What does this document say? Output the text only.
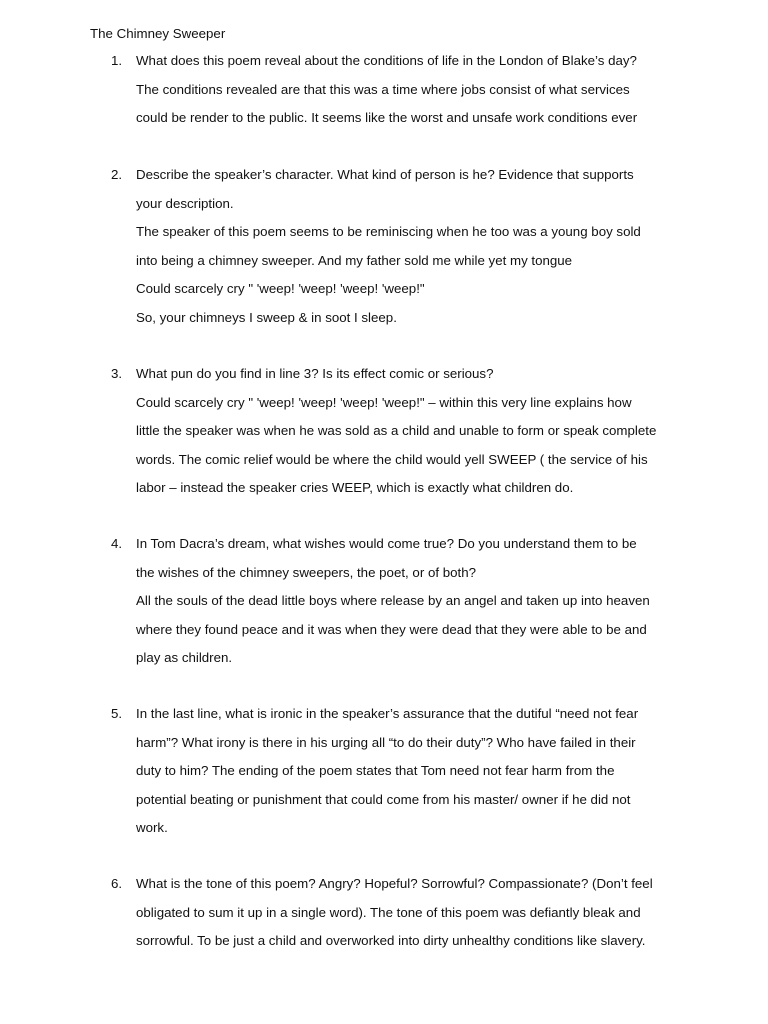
The Chimney Sweeper
1. What does this poem reveal about the conditions of life in the London of Blake’s day?
The conditions revealed are that this was a time where jobs consist of what services
could be render to the public. It seems like the worst and unsafe work conditions ever
2. Describe the speaker’s character. What kind of person is he? Evidence that supports
your description.
The speaker of this poem seems to be reminiscing when he too was a young boy sold
into being a chimney sweeper. And my father sold me while yet my tongue
Could scarcely cry " 'weep! 'weep! 'weep! 'weep!"
So, your chimneys I sweep & in soot I sleep.
3. What pun do you find in line 3? Is its effect comic or serious?
Could scarcely cry " 'weep! 'weep! 'weep! 'weep!" – within this very line explains how
little the speaker was when he was sold as a child and unable to form or speak complete
words. The comic relief would be where the child would yell SWEEP ( the service of his
labor – instead the speaker cries WEEP, which is exactly what children do.
4. In Tom Dacra’s dream, what wishes would come true? Do you understand them to be
the wishes of the chimney sweepers, the poet, or of both?
All the souls of the dead little boys where release by an angel and taken up into heaven
where they found peace and it was when they were dead that they were able to be and
play as children.
5. In the last line, what is ironic in the speaker’s assurance that the dutiful “need not fear
harm”? What irony is there in his urging all “to do their duty”? Who have failed in their
duty to him? The ending of the poem states that Tom need not fear harm from the
potential beating or punishment that could come from his master/ owner if he did not
work.
6. What is the tone of this poem? Angry? Hopeful? Sorrowful? Compassionate? (Don’t feel
obligated to sum it up in a single word). The tone of this poem was defiantly bleak and
sorrowful. To be just a child and overworked into dirty unhealthy conditions like slavery.
